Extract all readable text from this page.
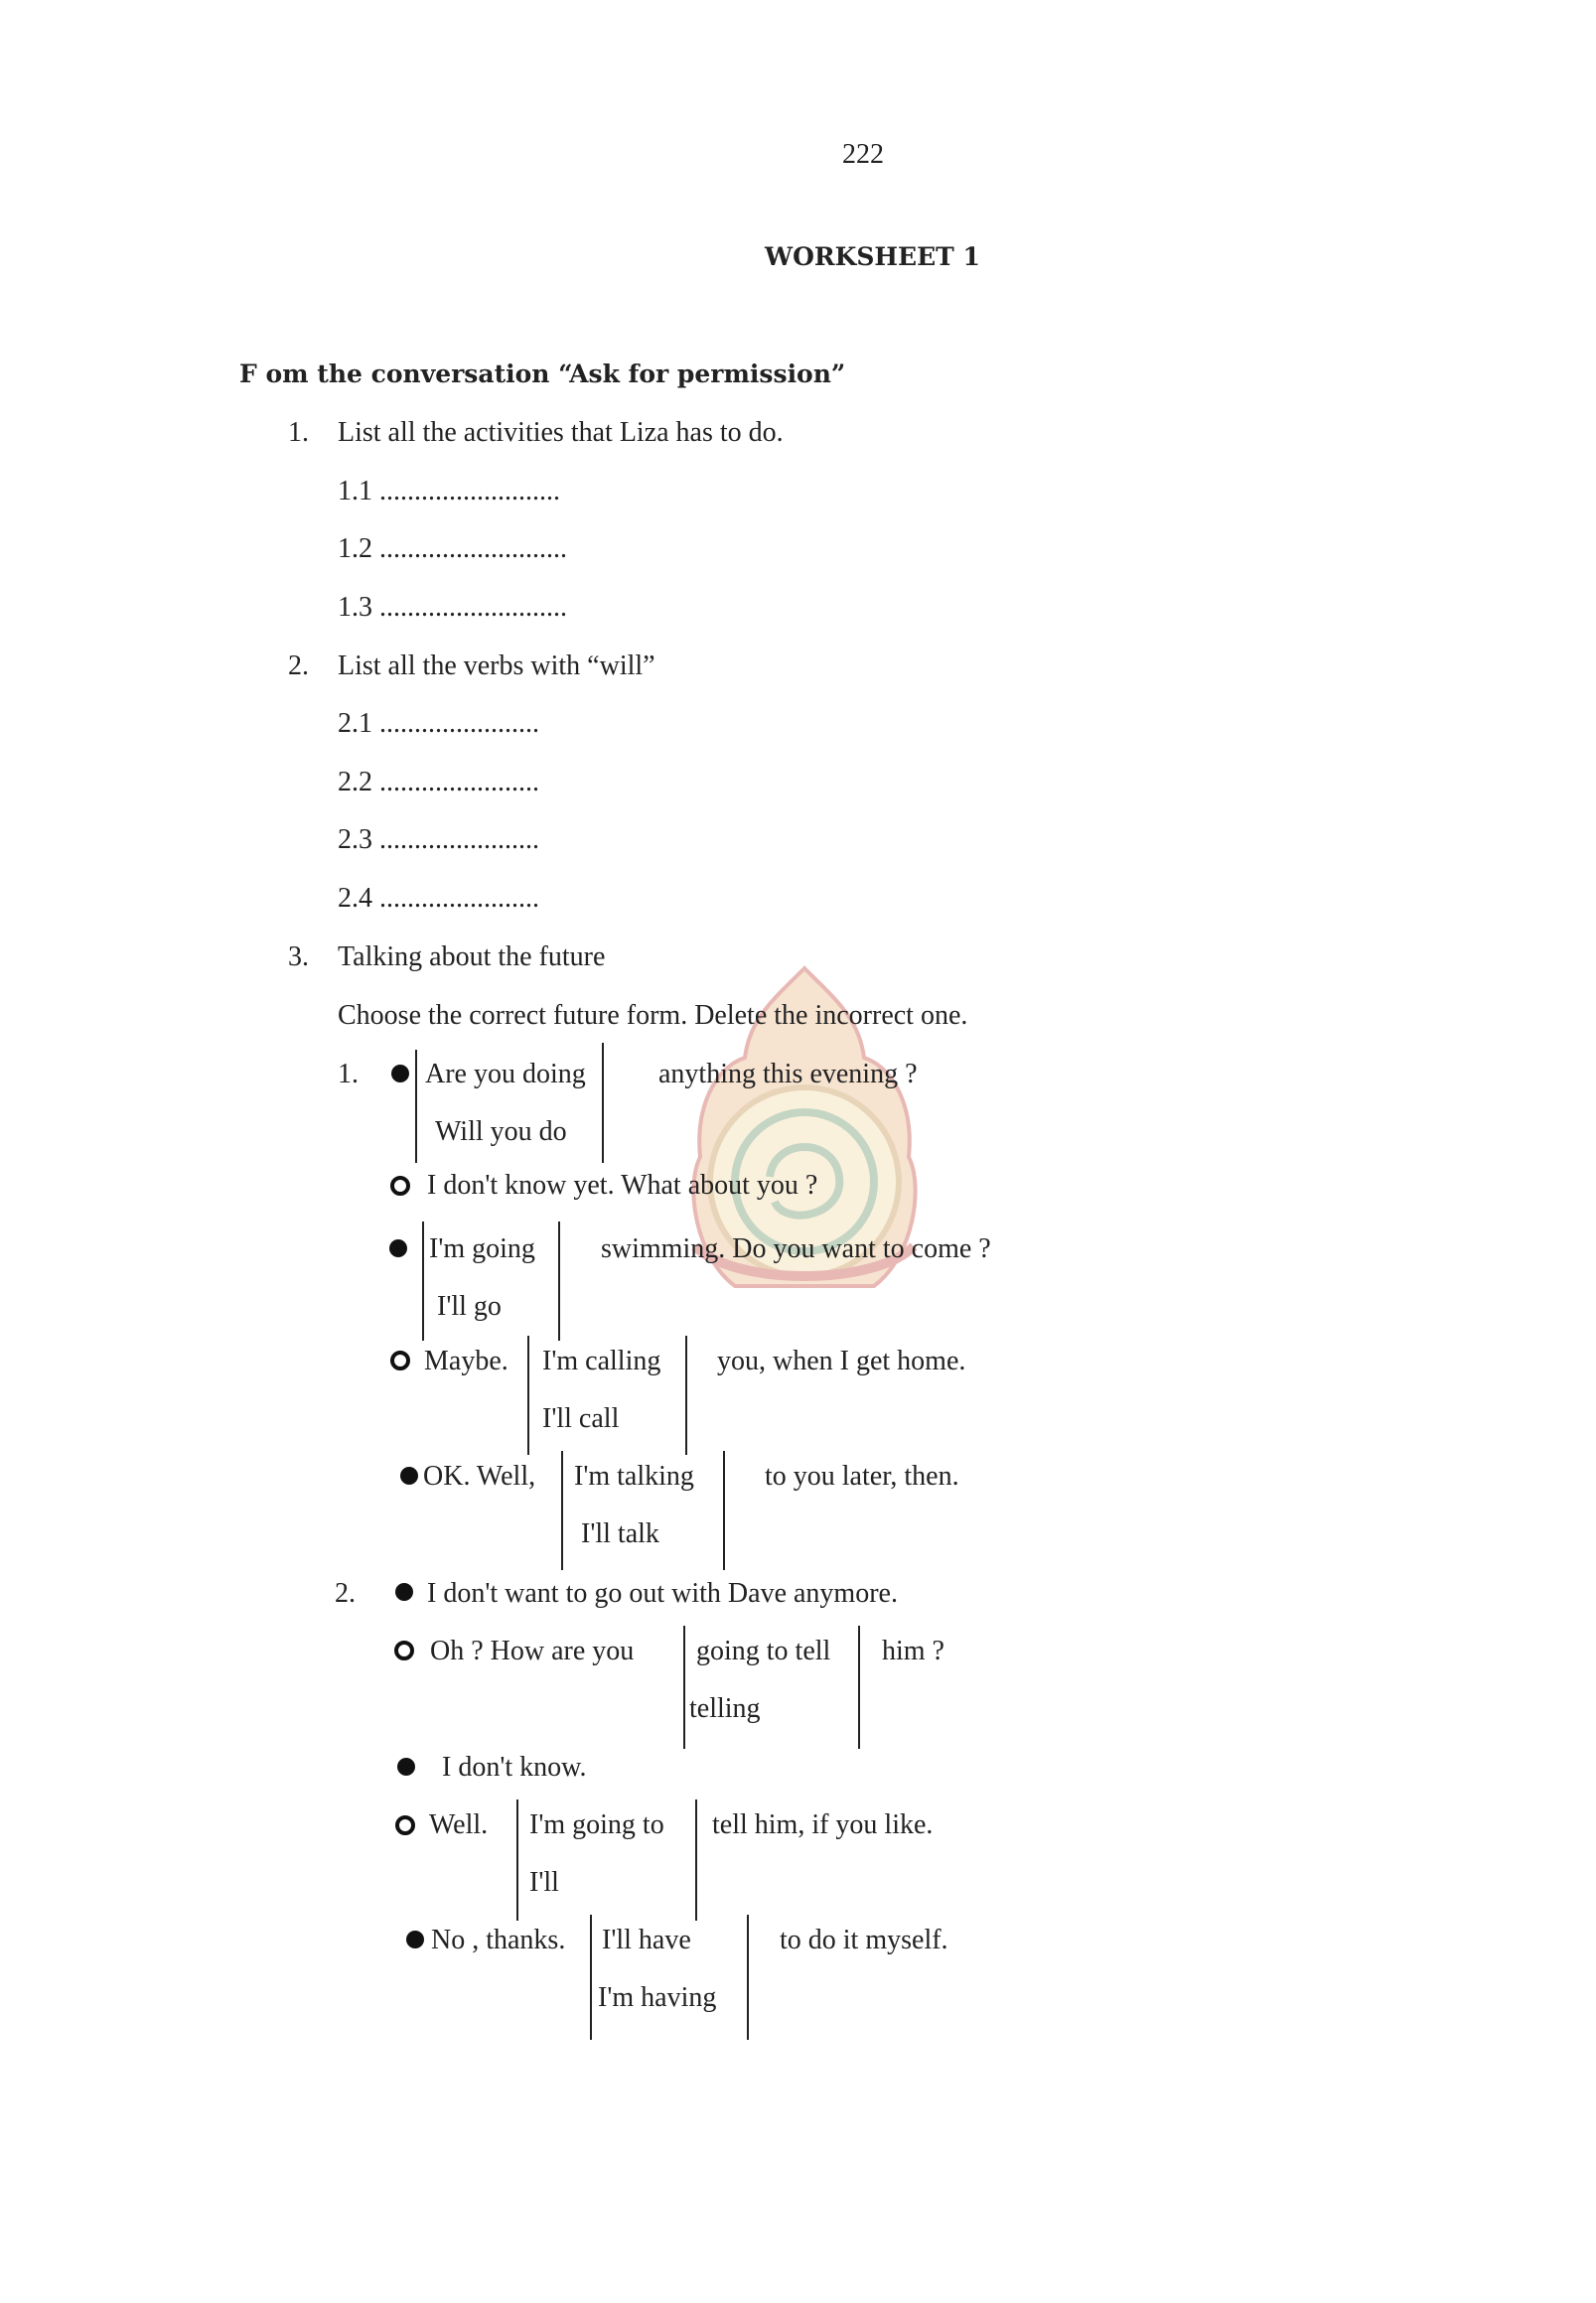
222
WORKSHEET 1
F om the conversation “Ask for permission”
1. List all the activities that Liza has to do.
1.1 ..........................
1.2 ...........................
1.3 ...........................
2. List all the verbs with “will”
2.1 .......................
2.2 .......................
2.3 .......................
2.4 .......................
3. Talking about the future
Choose the correct future form. Delete the incorrect one.
1. Are you doing
Will you do
anything this evening ?
I don't know yet. What about you ?
I'm going
I'll go
swimming. Do you want to come ?
Maybe. I'm calling
I'll call
you, when I get home.
OK. Well, I'm talking
I'll talk
to you later, then.
2.	I don't want to go out with Dave anymore.
Oh ? How are you going to tell
telling
him ?
I don't know.
Well. I'm going to
I'll
tell him, if you like.
No , thanks. I'll have
I'm having
to do it myself.
